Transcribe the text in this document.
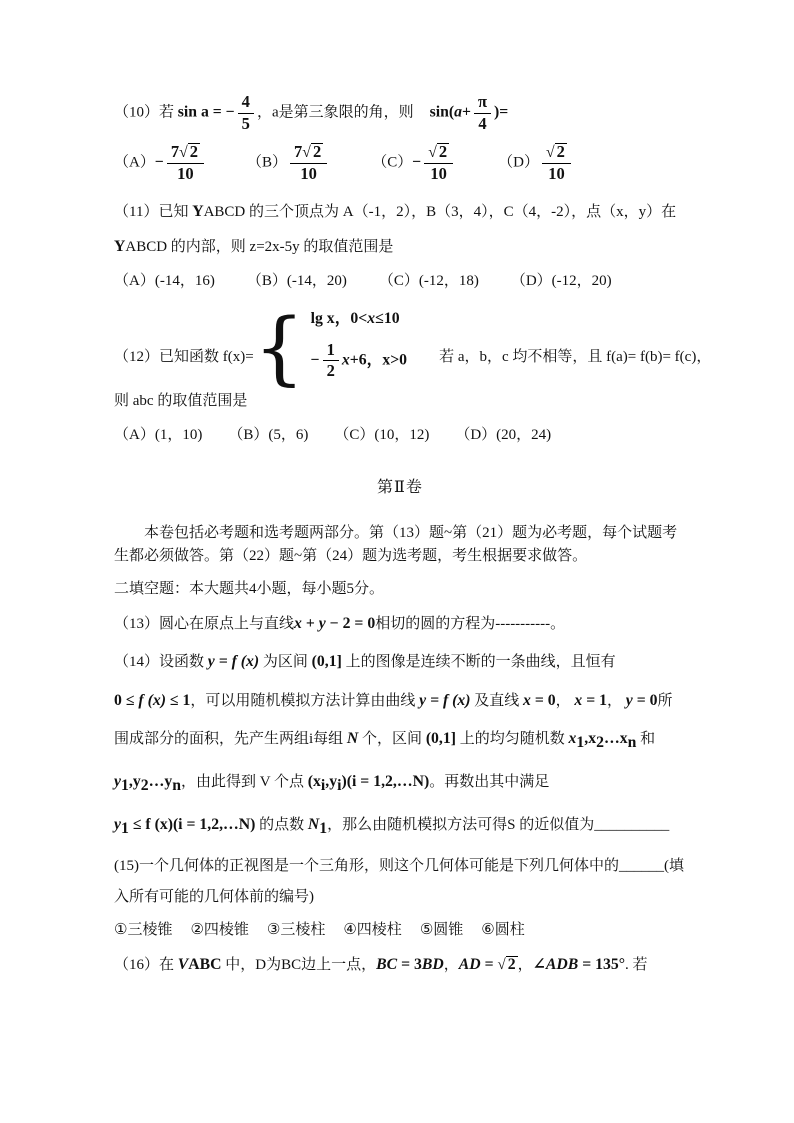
（10）若 sin a = − $\frac{4}{5}$ ，a是第三象限的角，则 $\sin(a+ \frac{\pi}{4}$ )=
$(A)- \frac{7√ 2}{10}$	$(B) \frac{7√ 2}{10}$	$(C)- \frac{√ 2}{10}$	$(D) \frac{√ 2}{10}$
（11）已知 YABCD 的三个顶点为 A（-1，2），B（3，4），C（4，-2），点（x，y）在
YABCD 的内部，则 z=2x-5y 的取值范围是
（A）(-14，16) （B）(-14，20) （C）(-12，18) （D）(-12，20)
（12）已知函数 f(x)= { lg x，0<x≤10
− $\frac{1}{2} x+6$，x>0 若 a，b，c 均不相等，且 f(a)= f(b)= f(c)，
则 abc 的取值范围是
（A）(1，10) （B）(5，6) （C）(10，12) （D）(20，24)
第Ⅱ卷

本卷包括必考题和选考题两部分。第（13）题~第（21）题为必考题，每个试题考生都必须做答。第（22）题~第（24）题为选考题，考生根据要求做答。

二填空题：本大题共4小题，每小题5分。
（13）圆心在原点上与直线x + y − 2 = 0相切的圆的方程为-----------。
（14）设函数 y = f (x) 为区间 (0,1] 上的图像是连续不断的一条曲线，且恒有
0 ≤ f (x) ≤ 1，可以用随机模拟方法计算由曲线 y = f (x) 及直线 x = 0， x = 1， y = 0所
围成部分的面积，先产生两组i每组 N 个，区间 (0,1] 上的均匀随机数 $x_1,x_2\dots x_n$ 和
$y_1,y_2\dots y_n$，由此得到 V 个点 $(x_i,y_i)(i$ = 1,2,…N)。再数出其中满足
$y_1 \le f$ (x)(i = 1,2,…N) 的点数 $N_1$，那么由随机模拟方法可得S 的近似值为__________
(15)一个几何体的正视图是一个三角形，则这个几何体可能是下列几何体中的______(填
入所有可能的几何体前的编号)
①三棱锥 ②四棱锥 ③三棱柱 ④四棱柱 ⑤圆锥 ⑥圆柱
（16）在 VABC 中，D为BC边上一点，BC = 3BD，AD = √ 2 ，∠ADB = 135°. 若
